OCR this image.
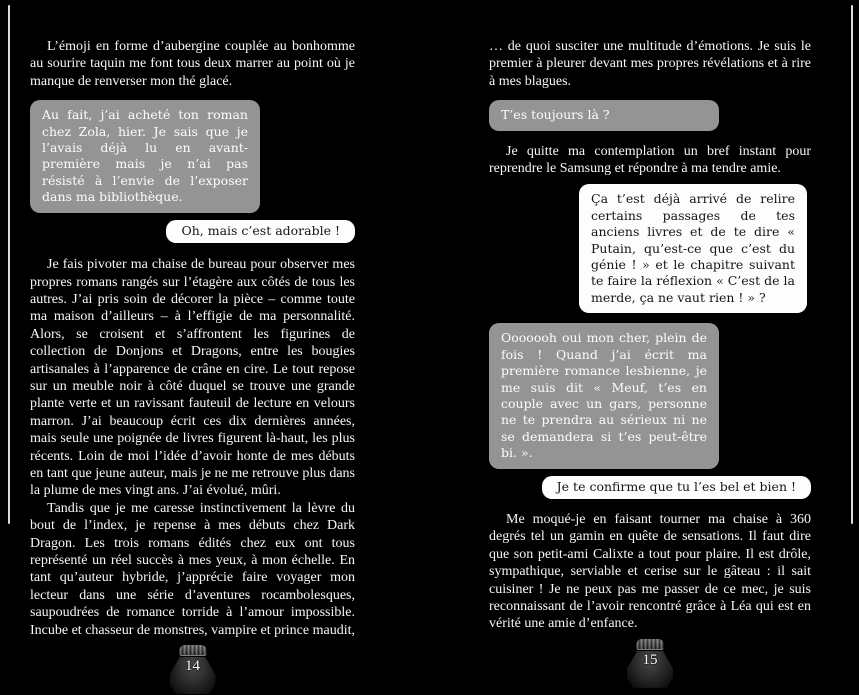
L’émoji en forme d’aubergine couplée au bonhomme au sourire taquin me font tous deux marrer au point où je manque de renverser mon thé glacé.

Au fait, j’ai acheté ton roman chez Zola, hier. Je sais que je l’avais déjà lu en avant-première mais je n’ai pas résisté à l’envie de l’exposer dans ma bibliothèque.
Oh, mais c’est adorable !

Je fais pivoter ma chaise de bureau pour observer mes propres romans rangés sur l’étagère aux côtés de tous les autres. J’ai pris soin de décorer la pièce – comme toute ma maison d’ailleurs – à l’effigie de ma personnalité. Alors, se croisent et s’affrontent les figurines de collection de Donjons et Dragons, entre les bougies artisanales à l’apparence de crâne en cire. Le tout repose sur un meuble noir à côté duquel se trouve une grande plante verte et un ravissant fauteuil de lecture en velours marron. J’ai beaucoup écrit ces dix dernières années, mais seule une poignée de livres figurent là-haut, les plus récents. Loin de moi l’idée d’avoir honte de mes débuts en tant que jeune auteur, mais je ne me retrouve plus dans la plume de mes vingt ans. J’ai évolué, mûri.

Tandis que je me caresse instinctivement la lèvre du bout de l’index, je repense à mes débuts chez Dark Dragon. Les trois romans édités chez eux ont tous représenté un réel succès à mes yeux, à mon échelle. En tant qu’auteur hybride, j’apprécie faire voyager mon lecteur dans une série d’aventures rocambolesques, saupoudrées de romance torride à l’amour impossible. Incube et chasseur de monstres, vampire et prince maudit,

14

… de quoi susciter une multitude d’émotions. Je suis le premier à pleurer devant mes propres révélations et à rire à mes blagues.

T’es toujours là ?

Je quitte ma contemplation un bref instant pour reprendre le Samsung et répondre à ma tendre amie.

Ça t’est déjà arrivé de relire certains passages de tes anciens livres et de te dire « Putain, qu’est-ce que c’est du génie ! » et le chapitre suivant te faire la réflexion « C’est de la merde, ça ne vaut rien ! » ?
Ooooooh oui mon cher, plein de fois ! Quand j’ai écrit ma première romance lesbienne, je me suis dit « Meuf, t’es en couple avec un gars, personne ne te prendra au sérieux ni ne se demandera si t’es peut-être bi. ».
Je te confirme que tu l’es bel et bien !

Me moqué-je en faisant tourner ma chaise à 360 degrés tel un gamin en quête de sensations. Il faut dire que son petit-ami Calixte a tout pour plaire. Il est drôle, sympathique, serviable et cerise sur le gâteau : il sait cuisiner ! Je ne peux pas me passer de ce mec, je suis reconnaissant de l’avoir rencontré grâce à Léa qui est en vérité une amie d’enfance.

15
